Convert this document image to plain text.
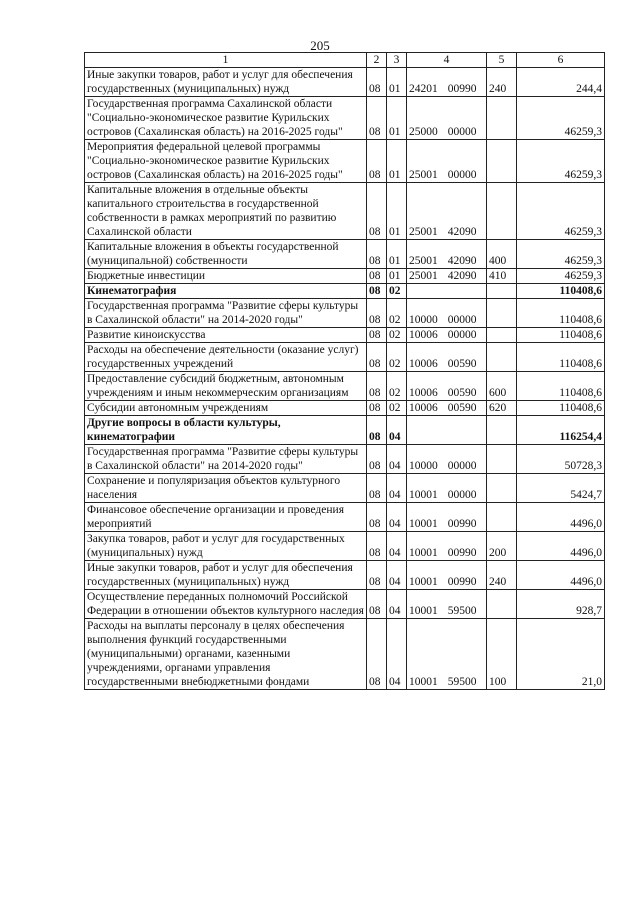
205
1	2	3	4	5	6
Иные закупки товаров, работ и услуг для обеспечения государственных (муниципальных) нужд	08	01	24201 00990	240	244,4
Государственная программа Сахалинской области "Социально-экономическое развитие Курильских островов (Сахалинская область) на 2016-2025 годы"	08	01	25000 00000		46259,3
Мероприятия федеральной целевой программы "Социально-экономическое развитие Курильских островов (Сахалинская область) на 2016-2025 годы"	08	01	25001 00000		46259,3
Капитальные вложения в отдельные объекты капитального строительства в государственной собственности в рамках мероприятий по развитию Сахалинской области	08	01	25001 42090		46259,3
Капитальные вложения в объекты государственной (муниципальной) собственности	08	01	25001 42090	400	46259,3
Бюджетные инвестиции	08	01	25001 42090	410	46259,3
Кинематография	08	02			110408,6
Государственная программа "Развитие сферы культуры в Сахалинской области" на 2014-2020 годы"	08	02	10000 00000		110408,6
Развитие киноискусства	08	02	10006 00000		110408,6
Расходы на обеспечение деятельности (оказание услуг) государственных учреждений	08	02	10006 00590		110408,6
Предоставление субсидий бюджетным, автономным учреждениям и иным некоммерческим организациям	08	02	10006 00590	600	110408,6
Субсидии автономным учреждениям	08	02	10006 00590	620	110408,6
Другие вопросы в области культуры, кинематографии	08	04			116254,4
Государственная программа "Развитие сферы культуры в Сахалинской области" на 2014-2020 годы"	08	04	10000 00000		50728,3
Сохранение и популяризация объектов культурного населения	08	04	10001 00000		5424,7
Финансовое обеспечение организации и проведения мероприятий	08	04	10001 00990		4496,0
Закупка товаров, работ и услуг для государственных (муниципальных) нужд	08	04	10001 00990	200	4496,0
Иные закупки товаров, работ и услуг для обеспечения государственных (муниципальных) нужд	08	04	10001 00990	240	4496,0
Осуществление переданных полномочий Российской Федерации в отношении объектов культурного наследия	08	04	10001 59500		928,7
Расходы на выплаты персоналу в целях обеспечения выполнения функций государственными (муниципальными) органами, казенными учреждениями, органами управления государственными внебюджетными фондами	08	04	10001 59500	100	21,0
